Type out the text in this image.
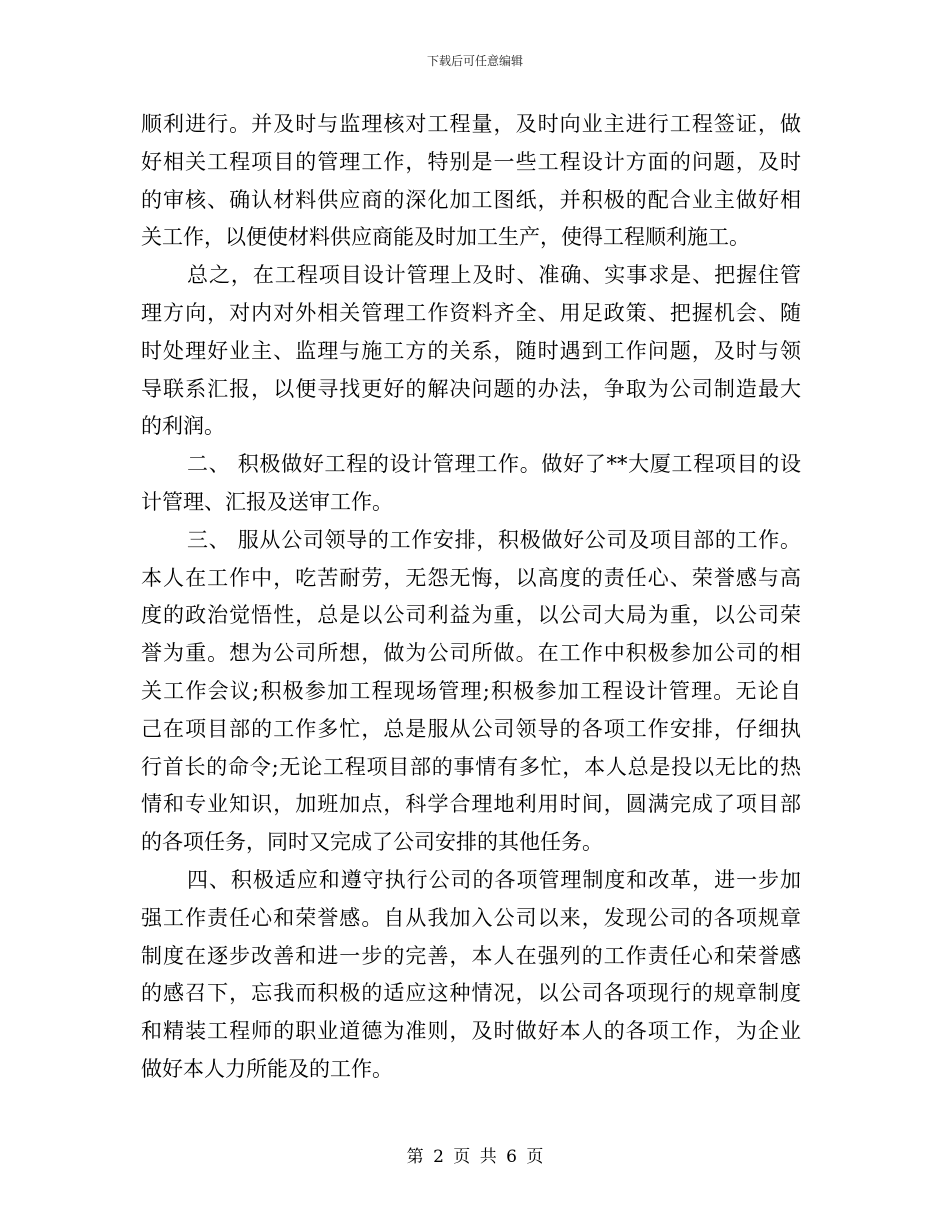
下载后可任意编辑
顺利进行。并及时与监理核对工程量，及时向业主进行工程签证，做
好相关工程项目的管理工作，特别是一些工程设计方面的问题，及时
的审核、确认材料供应商的深化加工图纸，并积极的配合业主做好相
关工作，以便使材料供应商能及时加工生产，使得工程顺利施工。
总之，在工程项目设计管理上及时、准确、实事求是、把握住管
理方向，对内对外相关管理工作资料齐全、用足政策、把握机会、随
时处理好业主、监理与施工方的关系，随时遇到工作问题，及时与领
导联系汇报，以便寻找更好的解决问题的办法，争取为公司制造最大
的利润。
二、 积极做好工程的设计管理工作。做好了**大厦工程项目的设
计管理、汇报及送审工作。
三、 服从公司领导的工作安排，积极做好公司及项目部的工作。
本人在工作中，吃苦耐劳，无怨无悔，以高度的责任心、荣誉感与高
度的政治觉悟性，总是以公司利益为重，以公司大局为重，以公司荣
誉为重。想为公司所想，做为公司所做。在工作中积极参加公司的相
关工作会议;积极参加工程现场管理;积极参加工程设计管理。无论自
己在项目部的工作多忙，总是服从公司领导的各项工作安排，仔细执
行首长的命令;无论工程项目部的事情有多忙，本人总是投以无比的热
情和专业知识，加班加点，科学合理地利用时间，圆满完成了项目部
的各项任务，同时又完成了公司安排的其他任务。
四、积极适应和遵守执行公司的各项管理制度和改革，进一步加
强工作责任心和荣誉感。自从我加入公司以来，发现公司的各项规章
制度在逐步改善和进一步的完善，本人在强列的工作责任心和荣誉感
的感召下，忘我而积极的适应这种情况，以公司各项现行的规章制度
和精装工程师的职业道德为准则，及时做好本人的各项工作，为企业
做好本人力所能及的工作。
第 2 页 共 6 页
